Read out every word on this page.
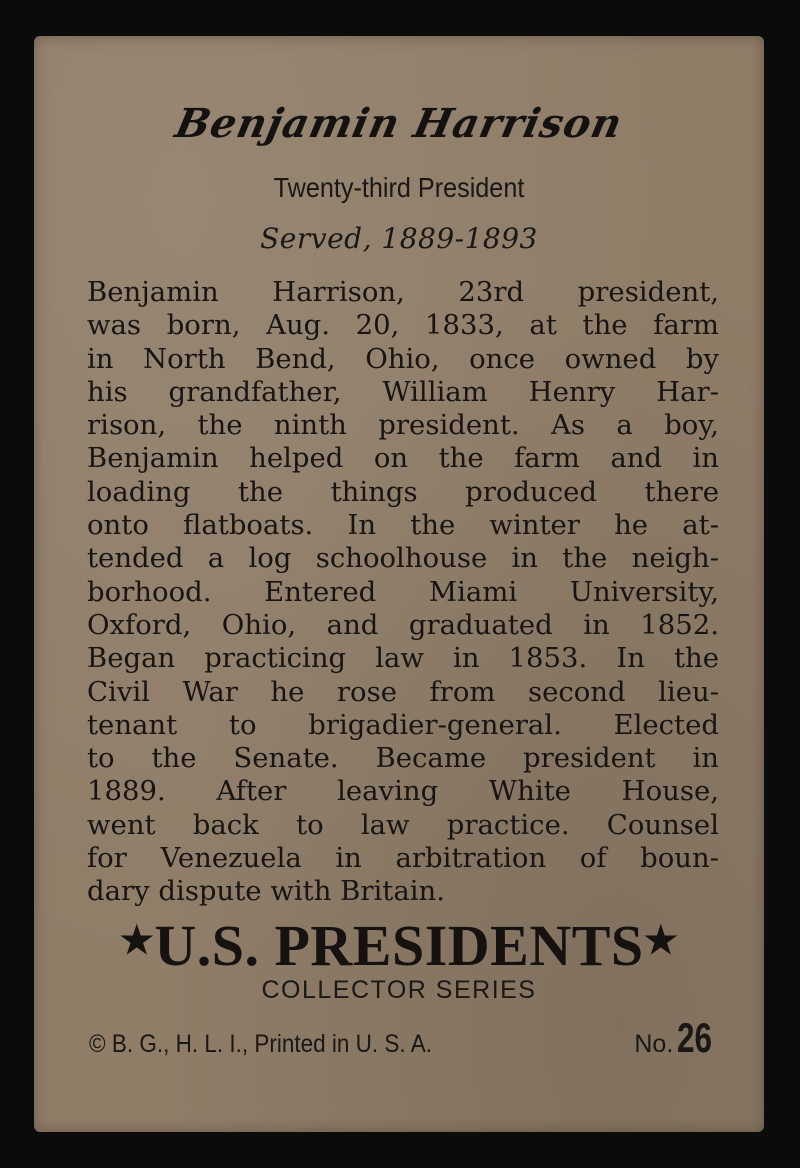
Benjamin Harrison
Twenty-third President
Served, 1889-1893
Benjamin Harrison, 23rd president,
was born, Aug. 20, 1833, at the farm
in North Bend, Ohio, once owned by
his grandfather, William Henry Har-
rison, the ninth president. As a boy,
Benjamin helped on the farm and in
loading the things produced there
onto flatboats. In the winter he at-
tended a log schoolhouse in the neigh-
borhood. Entered Miami University,
Oxford, Ohio, and graduated in 1852.
Began practicing law in 1853. In the
Civil War he rose from second lieu-
tenant to brigadier-general. Elected
to the Senate. Became president in
1889. After leaving White House,
went back to law practice. Counsel
for Venezuela in arbitration of boun-
dary dispute with Britain.
★U.S. PRESIDENTS★
COLLECTOR SERIES
© B. G., H. L. I., Printed in U. S. A.	No.26
